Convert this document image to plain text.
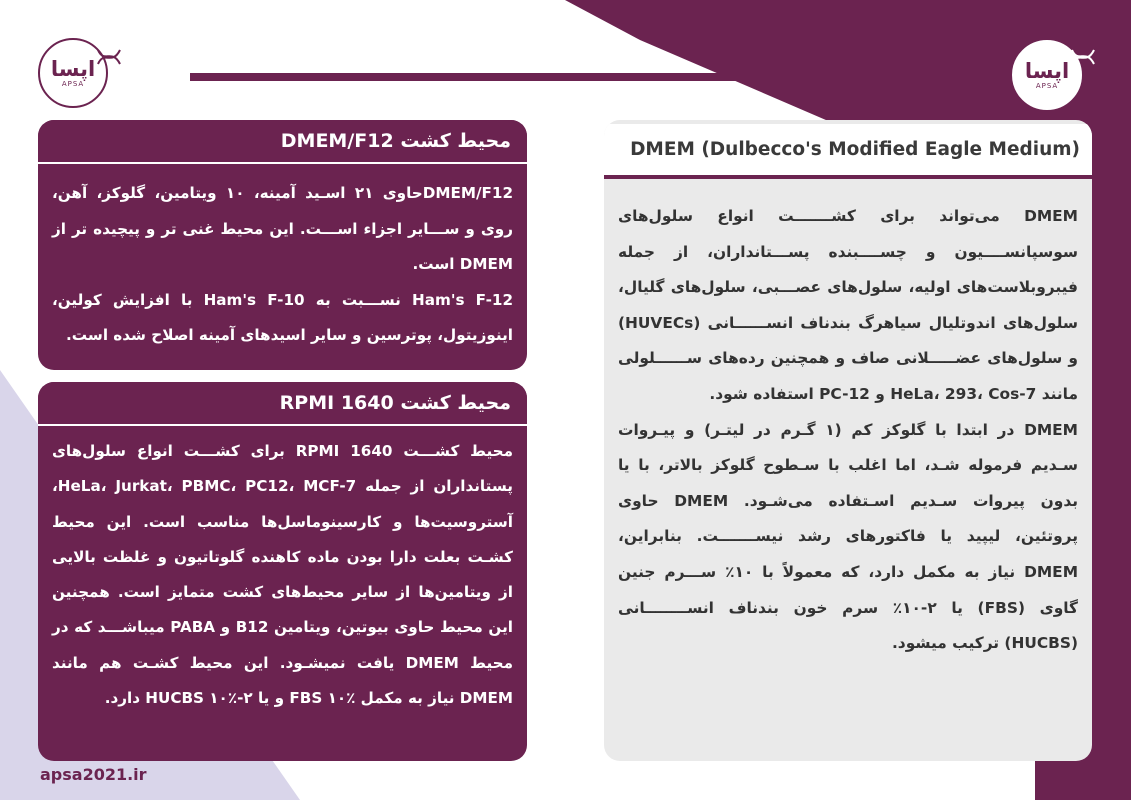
اپسا
APSA
اپسا
APSA
محیط کشت DMEM/F12

DMEM/F12حاوی ۲۱ اسـید آمینه، ۱۰ ویتامین، گلوکز، آهن، روی و ســـایر اجزاء اســـت. این محیط غنی تر و پیچیده تر از DMEM است.

Ham's F-12 نســـبت به Ham's F-10 با افزایش کولین، اینوزیتول، پوترسین و سایر اسیدهای آمینه اصلاح شده است.

محیط کشت RPMI 1640

محیط کشـــت RPMI 1640 برای کشـــت انواع سلول‌های پستانداران از جمله HeLa، Jurkat، PBMC، PC12، MCF-7، آستروسیت‌ها و کارسینوماسل‌ها مناسب است. این محیط کشـت بعلت دارا بودن ماده کاهنده گلوتاتیون و غلظت بالایی از ویتامین‌ها از سایر محیط‌های کشت متمایز است. همچنین این محیط حاوی بیوتین، ویتامین B12 و PABA میباشـــد که در محیط DMEM یافت نمیشـود. این محیط کشـت هم مانند DMEM نیاز به مکمل FBS ۱۰٪ و یا HUCBS ۱۰٪-۲ دارد.

DMEM (Dulbecco's Modified Eagle Medium)

DMEM می‌تواند برای کشـــــــت انواع سلول‌های سوسپانســــیون و چســــبنده پســـتانداران، از جمله فیبروبلاست‌های اولیه، سلول‌های عصـــبی، سلول‌های گلیال، سلول‌های اندوتلیال سیاهرگ بندناف انســــــانی (HUVECs) و سلول‌های عضـــــلانی صاف و همچنین رده‌های ســــــلولی مانند HeLa، 293، Cos-7 و PC-12 استفاده شود.

DMEM در ابتدا با گلوکز کم (۱ گـرم در لیتـر) و پیـروات سـدیم فرموله شـد، اما اغلب با سـطوح گلوکز بالاتر، با یا بدون پیروات سـدیم اسـتفاده می‌شـود. DMEM حاوی پروتئین، لیپید یا فاکتورهای رشد نیســـــــت. بنابراین، DMEM نیاز به مکمل دارد، که معمولاً با ۱۰٪ ســـرم جنین گاوی (FBS) یا ۲-۱۰٪ سرم خون بندناف انســــــــانی (HUCBS) ترکیب میشود.

apsa2021.ir
